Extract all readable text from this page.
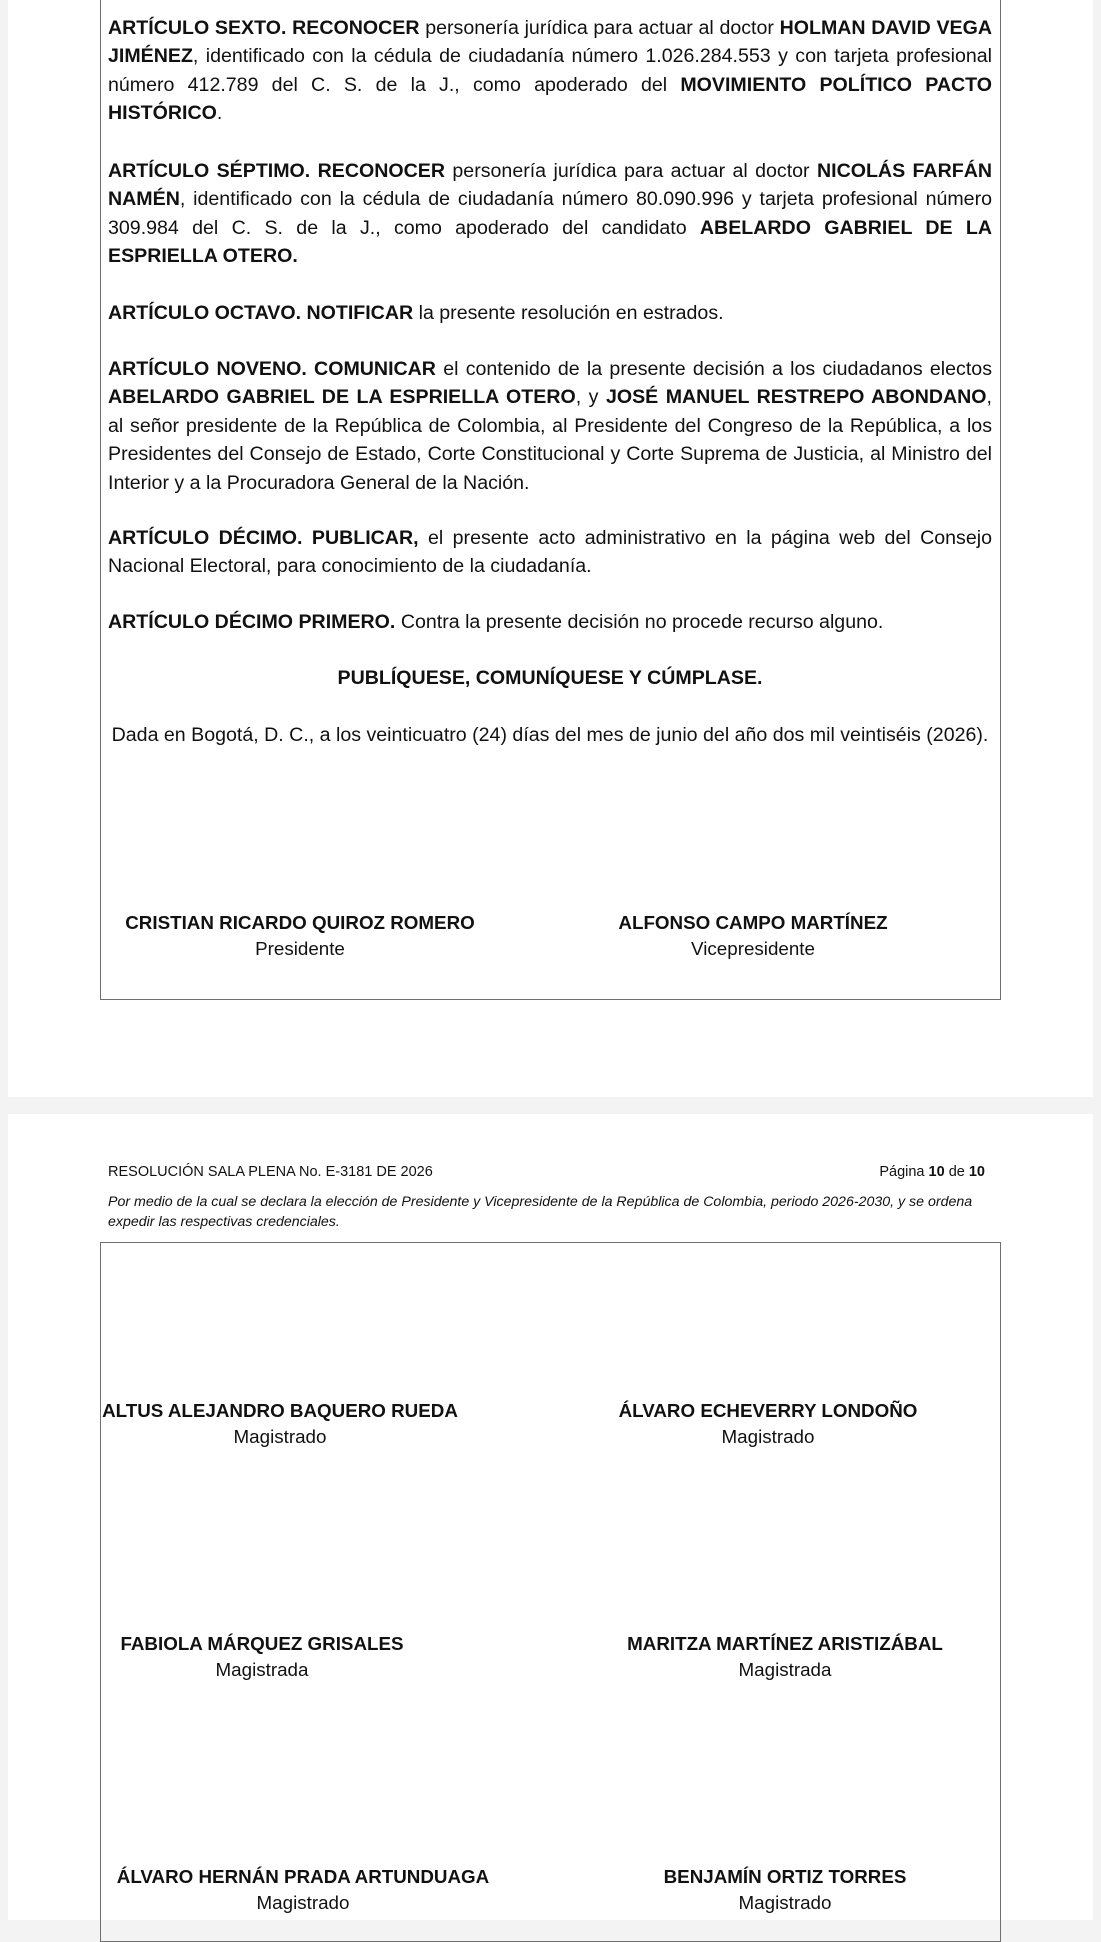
ARTÍCULO SEXTO. RECONOCER personería jurídica para actuar al doctor HOLMAN DAVID VEGA JIMÉNEZ, identificado con la cédula de ciudadanía número 1.026.284.553 y con tarjeta profesional número 412.789 del C. S. de la J., como apoderado del MOVIMIENTO POLÍTICO PACTO HISTÓRICO.

ARTÍCULO SÉPTIMO. RECONOCER personería jurídica para actuar al doctor NICOLÁS FARFÁN NAMÉN, identificado con la cédula de ciudadanía número 80.090.996 y tarjeta profesional número 309.984 del C. S. de la J., como apoderado del candidato ABELARDO GABRIEL DE LA ESPRIELLA OTERO.

ARTÍCULO OCTAVO. NOTIFICAR la presente resolución en estrados.

ARTÍCULO NOVENO. COMUNICAR el contenido de la presente decisión a los ciudadanos electos ABELARDO GABRIEL DE LA ESPRIELLA OTERO, y JOSÉ MANUEL RESTREPO ABONDANO, al señor presidente de la República de Colombia, al Presidente del Congreso de la República, a los Presidentes del Consejo de Estado, Corte Constitucional y Corte Suprema de Justicia, al Ministro del Interior y a la Procuradora General de la Nación.

ARTÍCULO DÉCIMO. PUBLICAR, el presente acto administrativo en la página web del Consejo Nacional Electoral, para conocimiento de la ciudadanía.

ARTÍCULO DÉCIMO PRIMERO. Contra la presente decisión no procede recurso alguno.

PUBLÍQUESE, COMUNÍQUESE Y CÚMPLASE.

Dada en Bogotá, D. C., a los veinticuatro (24) días del mes de junio del año dos mil veintiséis (2026).

CRISTIAN RICARDO QUIROZ ROMERO
Presidente
ALFONSO CAMPO MARTÍNEZ
Vicepresidente
RESOLUCIÓN SALA PLENA No. E-3181 DE 2026	Página 10 de 10
Por medio de la cual se declara la elección de Presidente y Vicepresidente de la República de Colombia, periodo 2026-2030, y se ordena expedir las respectivas credenciales.
ALTUS ALEJANDRO BAQUERO RUEDA
Magistrado
ÁLVARO ECHEVERRY LONDOÑO
Magistrado
FABIOLA MÁRQUEZ GRISALES
Magistrada
MARITZA MARTÍNEZ ARISTIZÁBAL
Magistrada
ÁLVARO HERNÁN PRADA ARTUNDUAGA
Magistrado
BENJAMÍN ORTIZ TORRES
Magistrado
